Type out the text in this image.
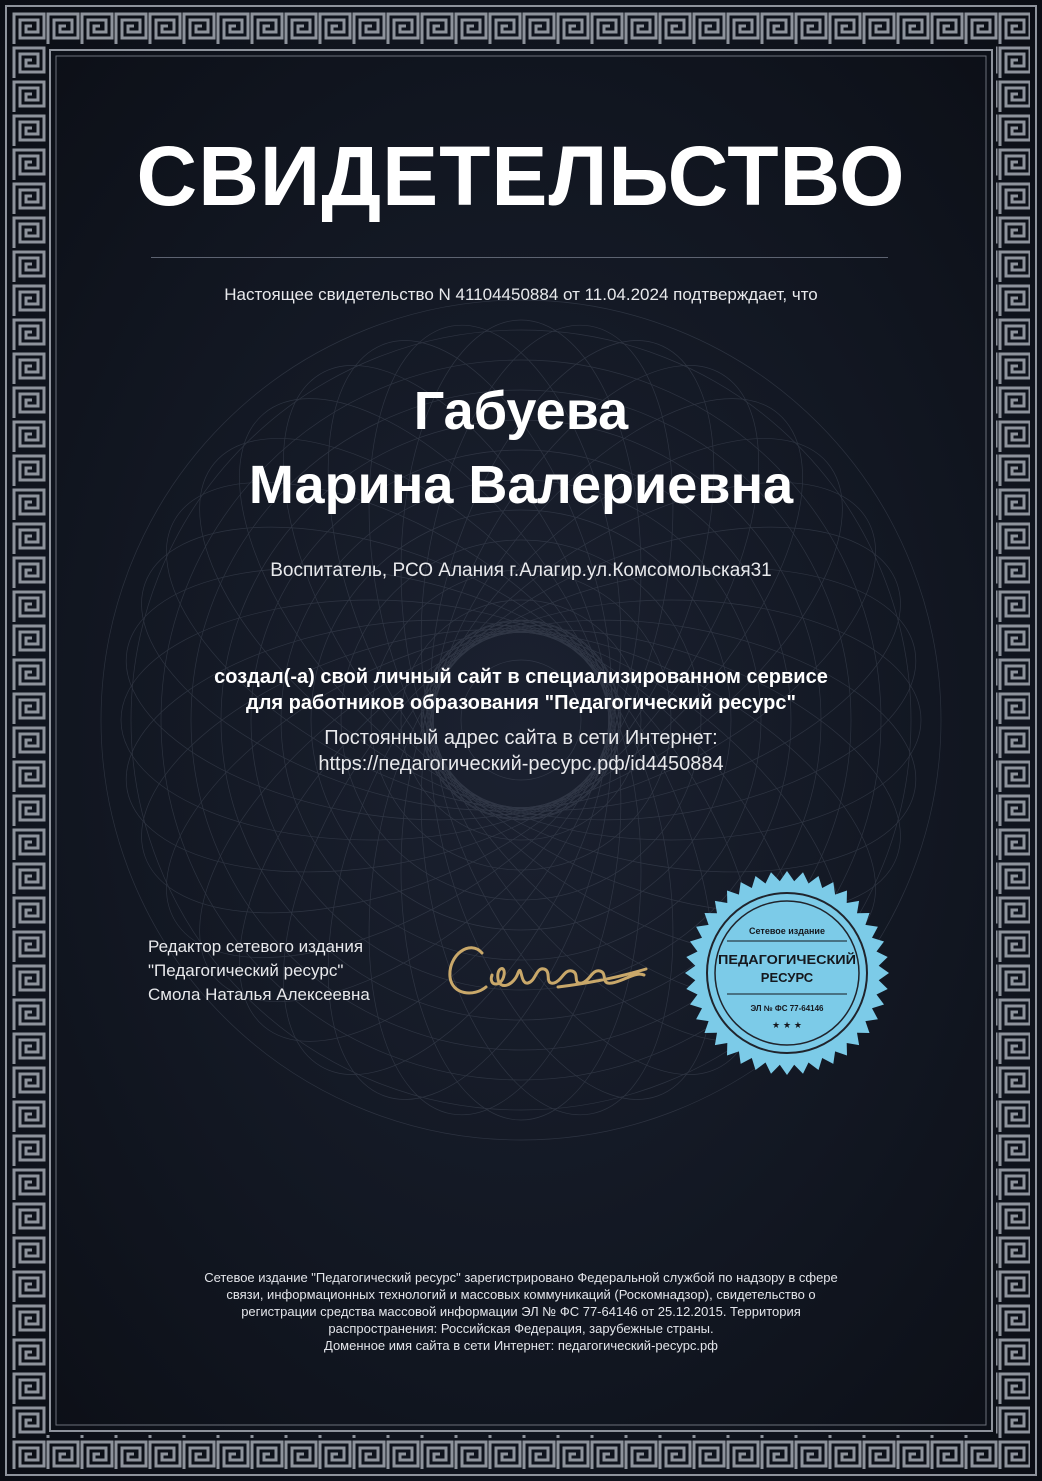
СВИДЕТЕЛЬСТВО
Настоящее свидетельство N 41104450884 от 11.04.2024 подтверждает, что
Габуева
Марина Валериевна
Воспитатель, РСО Алания г.Алагир.ул.Комсомольская31
создал(-а) свой личный сайт в специализированном сервисе
для работников образования "Педагогический ресурс"
Постоянный адрес сайта в сети Интернет:
https://педагогический-ресурс.рф/id4450884
Редактор сетевого издания
"Педагогический ресурс"
Смола Наталья Алексеевна
Сетевое издание
ПЕДАГОГИЧЕСКИЙ
РЕСУРС
ЭЛ № ФС 77-64146
★ ★ ★
Сетевое издание "Педагогический ресурс" зарегистрировано Федеральной службой по надзору в сфере
связи, информационных технологий и массовых коммуникаций (Роскомнадзор), свидетельство о
регистрации средства массовой информации ЭЛ № ФС 77-64146 от 25.12.2015. Территория
распространения: Российская Федерация, зарубежные страны.
Доменное имя сайта в сети Интернет: педагогический-ресурс.рф
